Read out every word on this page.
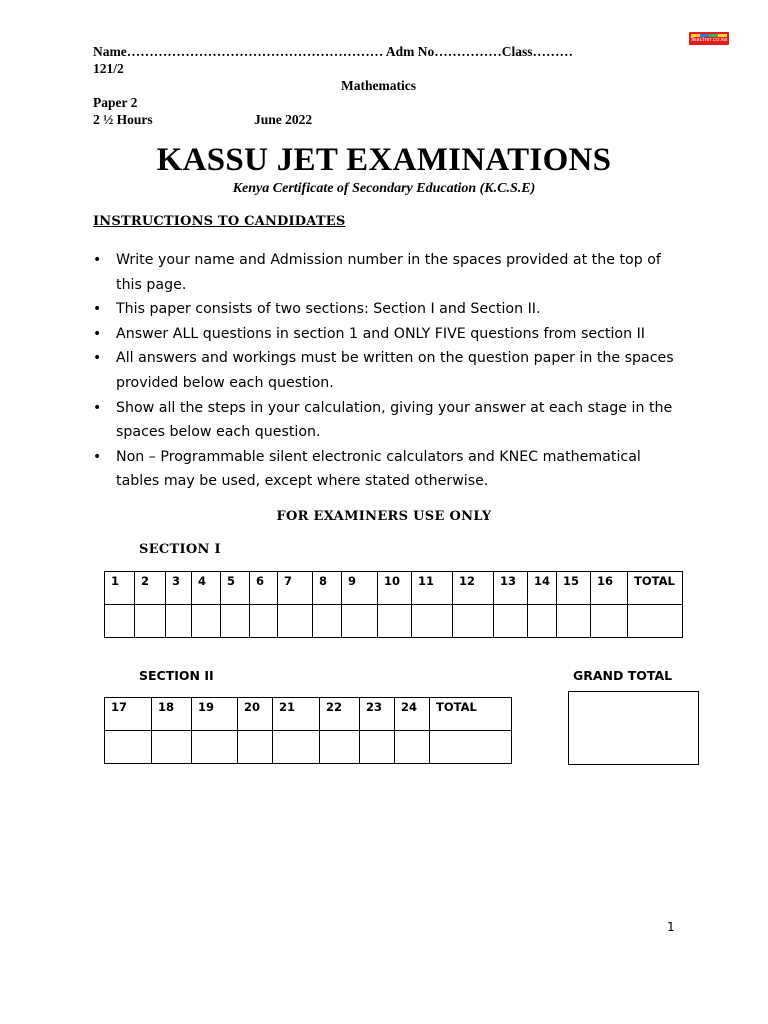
Name………………………………………………… Adm No……………Class………
Teacher.co.ke
121/2
Mathematics
Paper 2
2 ½ Hours	June 2022
KASSU JET EXAMINATIONS
Kenya Certificate of Secondary Education (K.C.S.E)
INSTRUCTIONS TO CANDIDATES
• Write your name and Admission number in the spaces provided at the top of this page.
• This paper consists of two sections: Section I and Section II.
• Answer ALL questions in section 1 and ONLY FIVE questions from section II
• All answers and workings must be written on the question paper in the spaces provided below each question.
• Show all the steps in your calculation, giving your answer at each stage in the spaces below each question.
• Non – Programmable silent electronic calculators and KNEC mathematical tables may be used, except where stated otherwise.
FOR EXAMINERS USE ONLY
SECTION I
1	2	3	4	5	6	7	8	9	10	11	12	13	14	15	16	TOTAL

SECTION II	GRAND TOTAL
17	18	19	20	21	22	23	24	TOTAL

1
